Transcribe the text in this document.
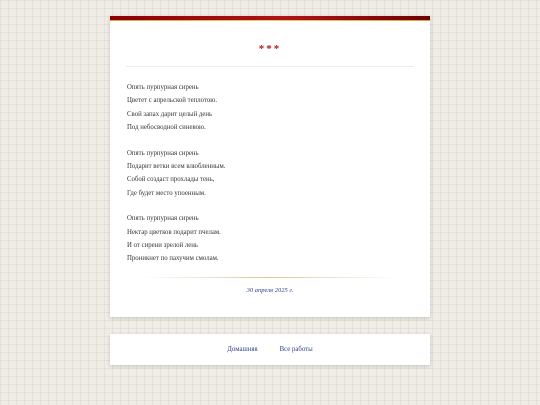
***
Опять пурпурная сирень
Цветет с апрельской теплотою.
Свой запах дарит целый день
Под небосводной синевою.
Опять пурпурная сирень
Подарит ветки всем влюбленным.
Собой создаст прохлады тень,
Где будет место упоенным.
Опять пурпурная сирень
Нектар цветков подарит пчелам.
И от сирени зрелой лень
Проникнет по пахучим смолам.
30 апреля 2025 г.
Домашняя	Все работы
